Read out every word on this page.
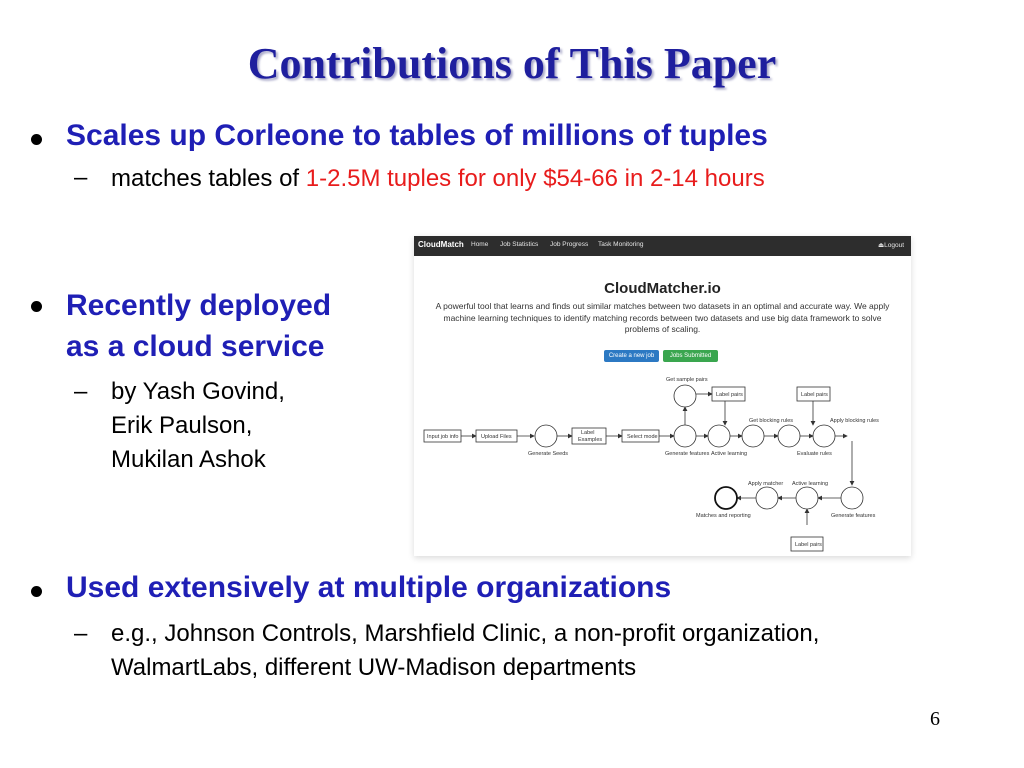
Contributions of This Paper
Scales up Corleone to tables of millions of tuples
– matches tables of 1-2.5M tuples for only $54-66 in 2-14 hours
Recently deployed
as a cloud service
– by Yash Govind,
Erik Paulson,
Mukilan Ashok
CloudMatch Home Job Statistics Job Progress Task Monitoring	⏏Logout
CloudMatcher.io
A powerful tool that learns and finds out similar matches between two datasets in an optimal and accurate way. We apply machine learning techniques to identify matching records between two datasets and use big data framework to solve problems of scaling.
Create a new job	Jobs Submitted
Input job info	Upload Files
Label
Examples	Select mode
Generate Seeds
Get sample pairs
Label pairs	Label pairs
Get blocking rules	Apply blocking rules
Generate features Active learning	Evaluate rules
Apply matcher Active learning
Matches and reporting	Generate features
Label pairs
Used extensively at multiple organizations
– e.g., Johnson Controls, Marshfield Clinic, a non-profit organization,
WalmartLabs, different UW-Madison departments
6
